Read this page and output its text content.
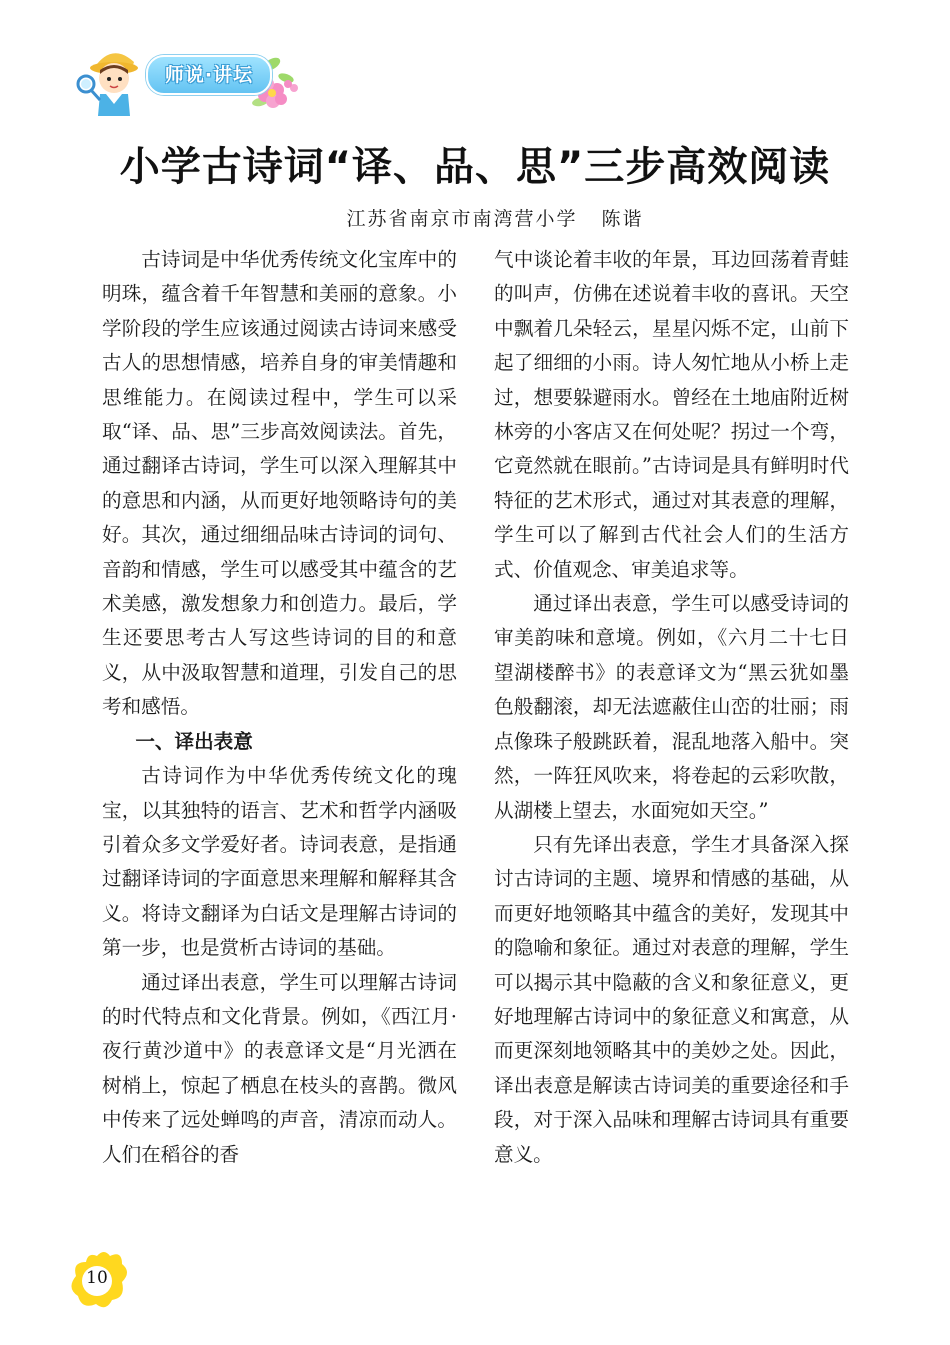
师说·讲坛
小学古诗词“译、品、思”三步高效阅读
江苏省南京市南湾营小学 陈谐

古诗词是中华优秀传统文化宝库中的明珠，蕴含着千年智慧和美丽的意象。小学阶段的学生应该通过阅读古诗词来感受古人的思想情感，培养自身的审美情趣和思维能力。在阅读过程中，学生可以采取“译、品、思”三步高效阅读法。首先，通过翻译古诗词，学生可以深入理解其中的意思和内涵，从而更好地领略诗句的美好。其次，通过细细品味古诗词的词句、音韵和情感，学生可以感受其中蕴含的艺术美感，激发想象力和创造力。最后，学生还要思考古人写这些诗词的目的和意义，从中汲取智慧和道理，引发自己的思考和感悟。

一、译出表意

古诗词作为中华优秀传统文化的瑰宝，以其独特的语言、艺术和哲学内涵吸引着众多文学爱好者。诗词表意，是指通过翻译诗词的字面意思来理解和解释其含义。将诗文翻译为白话文是理解古诗词的第一步，也是赏析古诗词的基础。

通过译出表意，学生可以理解古诗词的时代特点和文化背景。例如，《西江月·夜行黄沙道中》的表意译文是“月光洒在树梢上，惊起了栖息在枝头的喜鹊。微风中传来了远处蝉鸣的声音，清凉而动人。人们在稻谷的香

气中谈论着丰收的年景，耳边回荡着青蛙的叫声，仿佛在述说着丰收的喜讯。天空中飘着几朵轻云，星星闪烁不定，山前下起了细细的小雨。诗人匆忙地从小桥上走过，想要躲避雨水。曾经在土地庙附近树林旁的小客店又在何处呢？拐过一个弯，它竟然就在眼前。”古诗词是具有鲜明时代特征的艺术形式，通过对其表意的理解，学生可以了解到古代社会人们的生活方式、价值观念、审美追求等。

通过译出表意，学生可以感受诗词的审美韵味和意境。例如，《六月二十七日望湖楼醉书》的表意译文为“黑云犹如墨色般翻滚，却无法遮蔽住山峦的壮丽；雨点像珠子般跳跃着，混乱地落入船中。突然，一阵狂风吹来，将卷起的云彩吹散，从湖楼上望去，水面宛如天空。”

只有先译出表意，学生才具备深入探讨古诗词的主题、境界和情感的基础，从而更好地领略其中蕴含的美好，发现其中的隐喻和象征。通过对表意的理解，学生可以揭示其中隐蔽的含义和象征意义，更好地理解古诗词中的象征意义和寓意，从而更深刻地领略其中的美妙之处。因此，译出表意是解读古诗词美的重要途径和手段，对于深入品味和理解古诗词具有重要意义。

10
